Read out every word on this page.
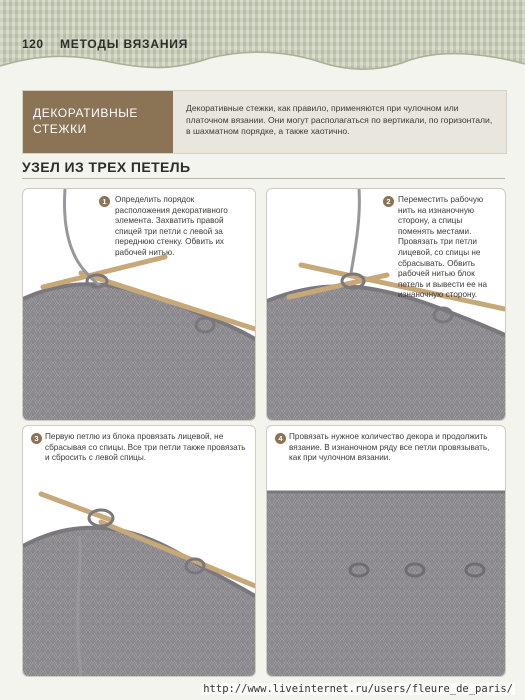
120 МЕТОДЫ ВЯЗАНИЯ
ДЕКОРАТИВНЫЕ
СТЕЖКИ
Декоративные стежки, как правило, применяются при чулочном или платочном вязании. Они могут располагаться по вертикали, по горизонтали, в шахматном порядке, а также хаотично.
УЗЕЛ ИЗ ТРЕХ ПЕТЕЛЬ
1	Определить порядок расположения декоративного элемента. Захватить правой спицей три петли с левой за переднюю стенку. Обвить их рабочей нитью.
2 Переместить рабочую нить на изнаночную сторону, а спицы поменять местами. Провязать три петли лицевой, со спицы не сбрасывать. Обвить рабочей нитью блок петель и вывести ее на изнаночную сторону.
3 Первую петлю из блока провязать лицевой, не сбрасывая со спицы. Все три петли также провязать и сбросить с левой спицы.
4 Провязать нужное количество декора и продолжить вязание. В изнаночном ряду все петли провязывать, как при чулочном вязании.
http://www.liveinternet.ru/users/fleure_de_paris/
